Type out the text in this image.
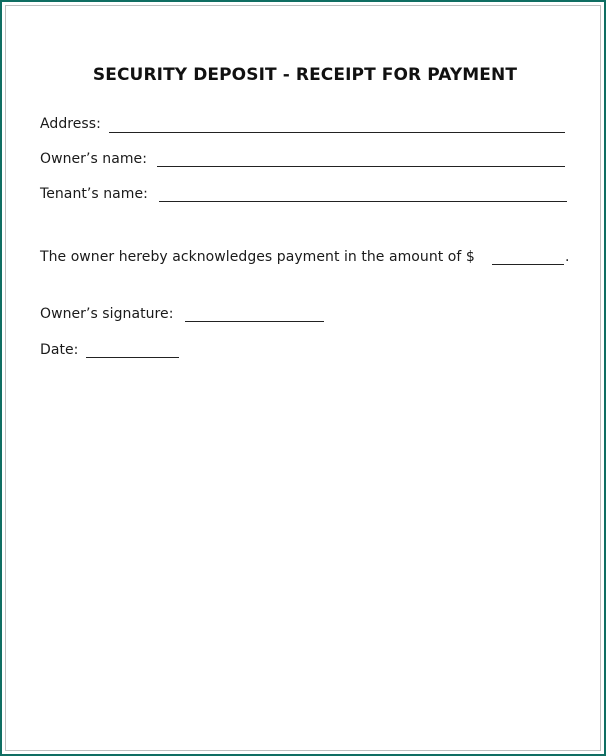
SECURITY DEPOSIT - RECEIPT FOR PAYMENT
Address:
Owner’s name:
Tenant’s name:
The owner hereby acknowledges payment in the amount of $	.
Owner’s signature:
Date:
